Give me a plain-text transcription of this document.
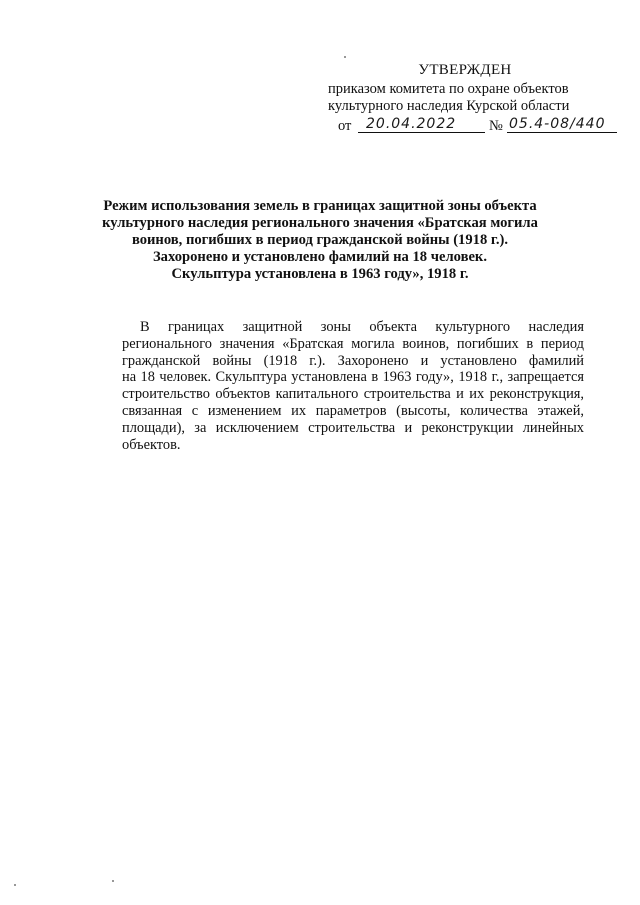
УТВЕРЖДЕН
приказом комитета по охране объектов
культурного наследия Курской области
от 20.04.2022 № 05.4-08/440
Режим использования земель в границах защитной зоны объекта
культурного наследия регионального значения «Братская могила
воинов, погибших в период гражданской войны (1918 г.).
Захоронено и установлено фамилий на 18 человек.
Скульптура установлена в 1963 году», 1918 г.
В границах защитной зоны объекта культурного наследия
регионального значения «Братская могила воинов, погибших в период
гражданской войны (1918 г.). Захоронено и установлено фамилий
на 18 человек. Скульптура установлена в 1963 году», 1918 г., запрещается
строительство объектов капитального строительства и их реконструкция,
связанная с изменением их параметров (высоты, количества этажей,
площади), за исключением строительства и реконструкции линейных
объектов.
